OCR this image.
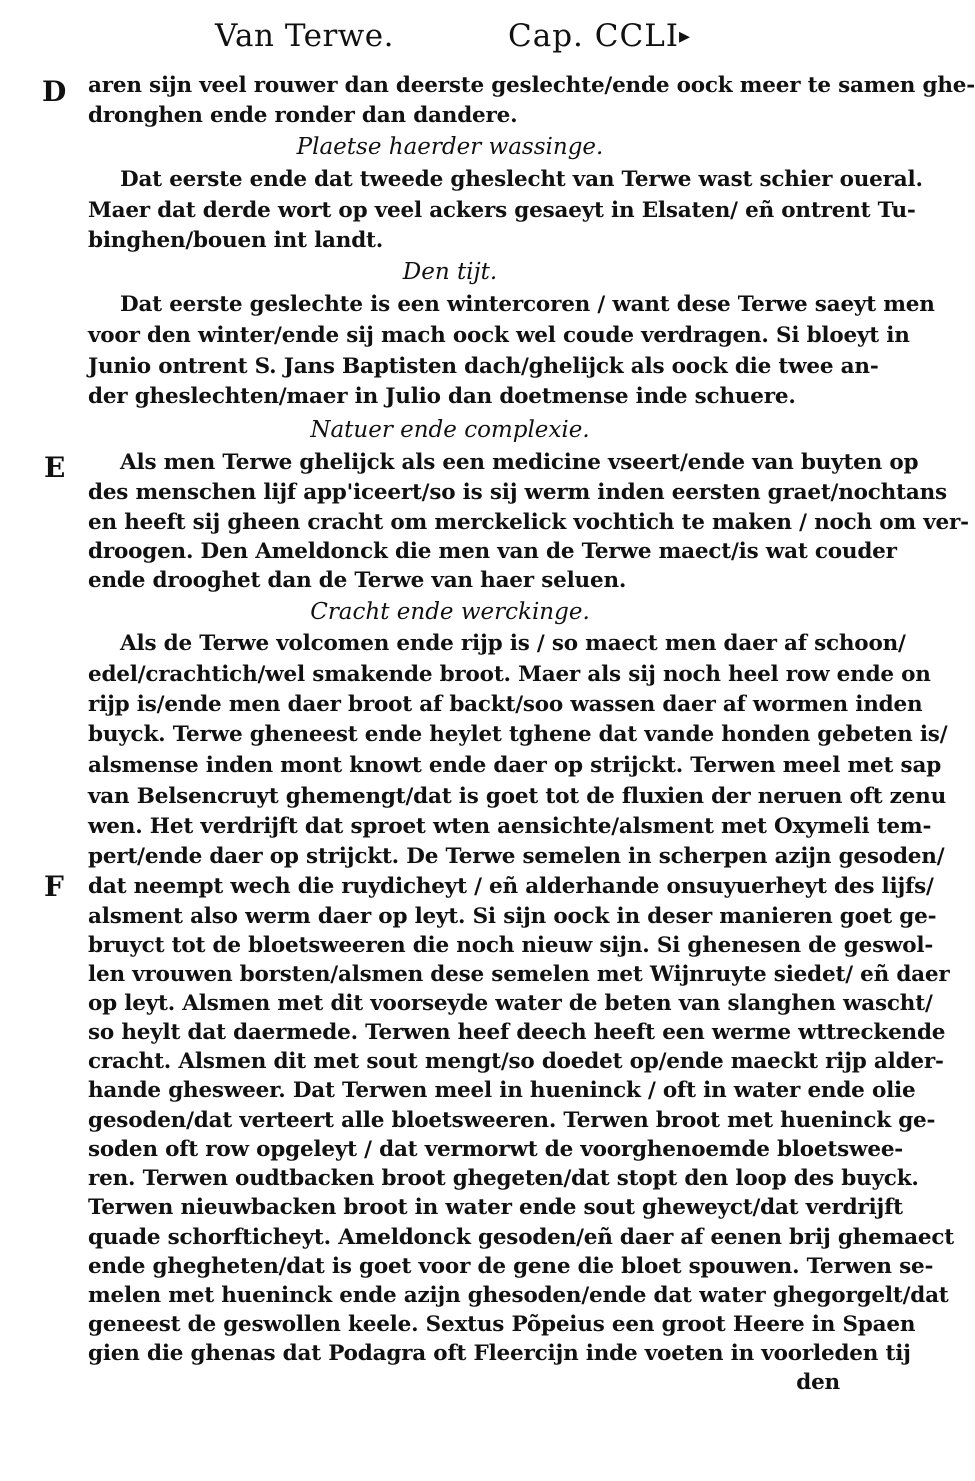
Van Terwe.	Cap. CCLI▸
D
E
F
aren sijn veel rouwer dan deerste geslechte/ende oock meer te samen ghe-
dronghen ende ronder dan dandere.
Plaetse haerder wassinge.
Dat eerste ende dat tweede gheslecht van Terwe wast schier oueral.
Maer dat derde wort op veel ackers gesaeyt in Elsaten/ eñ ontrent Tu-
binghen/bouen int landt.
Den tijt.
Dat eerste geslechte is een wintercoren / want dese Terwe saeyt men
voor den winter/ende sij mach oock wel coude verdragen. Si bloeyt in
Junio ontrent S. Jans Baptisten dach/ghelijck als oock die twee an-
der gheslechten/maer in Julio dan doetmense inde schuere.
Natuer ende complexie.
Als men Terwe ghelijck als een medicine vseert/ende van buyten op
des menschen lijf app'iceert/so is sij werm inden eersten graet/nochtans
en heeft sij gheen cracht om merckelick vochtich te maken / noch om ver-
droogen. Den Ameldonck die men van de Terwe maect/is wat couder
ende drooghet dan de Terwe van haer seluen.
Cracht ende werckinge.
Als de Terwe volcomen ende rijp is / so maect men daer af schoon/
edel/crachtich/wel smakende broot. Maer als sij noch heel row ende on
rijp is/ende men daer broot af backt/soo wassen daer af wormen inden
buyck. Terwe gheneest ende heylet tghene dat vande honden gebeten is/
alsmense inden mont knowt ende daer op strijckt. Terwen meel met sap
van Belsencruyt ghemengt/dat is goet tot de fluxien der neruen oft zenu
wen. Het verdrijft dat sproet wten aensichte/alsment met Oxymeli tem-
pert/ende daer op strijckt. De Terwe semelen in scherpen azijn gesoden/
dat neempt wech die ruydicheyt / eñ alderhande onsuyuerheyt des lijfs/
alsment also werm daer op leyt. Si sijn oock in deser manieren goet ge-
bruyct tot de bloetsweeren die noch nieuw sijn. Si ghenesen de geswol-
len vrouwen borsten/alsmen dese semelen met Wijnruyte siedet/ eñ daer
op leyt. Alsmen met dit voorseyde water de beten van slanghen wascht/
so heylt dat daermede. Terwen heef deech heeft een werme wttreckende
cracht. Alsmen dit met sout mengt/so doedet op/ende maeckt rijp alder-
hande ghesweer. Dat Terwen meel in hueninck / oft in water ende olie
gesoden/dat verteert alle bloetsweeren. Terwen broot met hueninck ge-
soden oft row opgeleyt / dat vermorwt de voorghenoemde bloetswee-
ren. Terwen oudtbacken broot ghegeten/dat stopt den loop des buyck.
Terwen nieuwbacken broot in water ende sout gheweyct/dat verdrijft
quade schorfticheyt. Ameldonck gesoden/eñ daer af eenen brij ghemaect
ende ghegheten/dat is goet voor de gene die bloet spouwen. Terwen se-
melen met hueninck ende azijn ghesoden/ende dat water ghegorgelt/dat
geneest de geswollen keele. Sextus Põpeius een groot Heere in Spaen
gien die ghenas dat Podagra oft Fleercijn inde voeten in voorleden tij
den
